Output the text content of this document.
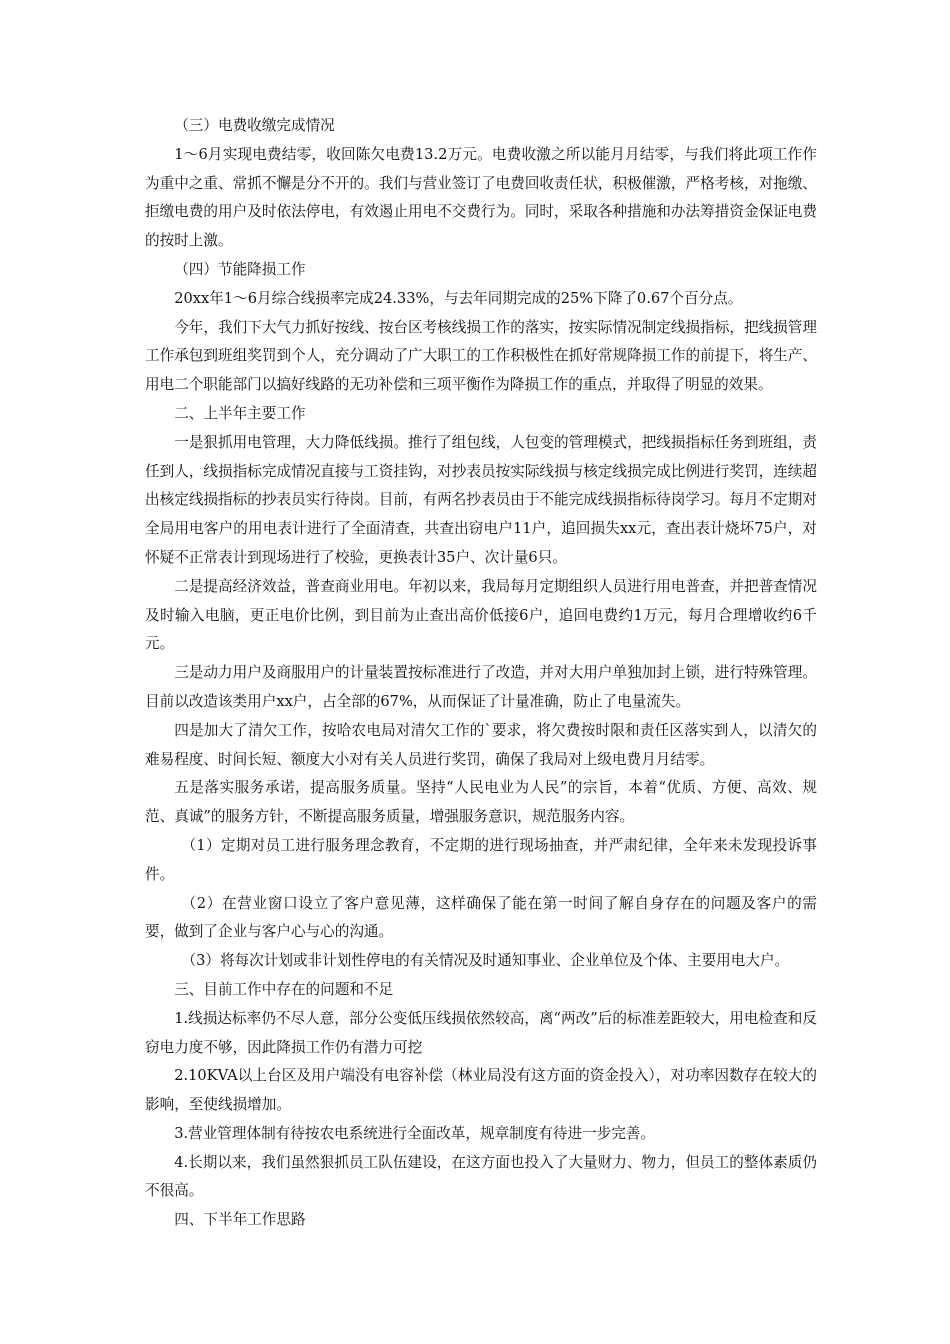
（三）电费收缴完成情况

1～6月实现电费结零，收回陈欠电费13.2万元。电费收激之所以能月月结零，与我们将此项工作作为重中之重、常抓不懈是分不开的。我们与营业签订了电费回收责任状，积极催激，严格考核，对拖缴、拒缴电费的用户及时依法停电，有效遏止用电不交费行为。同时，采取各种措施和办法筹措资金保证电费的按时上激。

（四）节能降损工作

20xx年1～6月综合线损率完成24.33%，与去年同期完成的25%下降了0.67个百分点。

今年，我们下大气力抓好按线、按台区考核线损工作的落实，按实际情况制定线损指标，把线损管理工作承包到班组奖罚到个人，充分调动了广大职工的工作积极性在抓好常规降损工作的前提下，将生产、用电二个职能部门以搞好线路的无功补偿和三项平衡作为降损工作的重点，并取得了明显的效果。

二、上半年主要工作

一是狠抓用电管理，大力降低线损。推行了组包线，人包变的管理模式，把线损指标任务到班组，责任到人，线损指标完成情况直接与工资挂钩，对抄表员按实际线损与核定线损完成比例进行奖罚，连续超出核定线损指标的抄表员实行待岗。目前，有两名抄表员由于不能完成线损指标待岗学习。每月不定期对全局用电客户的用电表计进行了全面清查，共查出窃电户11户，追回损失xx元，查出表计烧坏75户，对怀疑不正常表计到现场进行了校验，更换表计35户、次计量6只。

二是提高经济效益，普查商业用电。年初以来，我局每月定期组织人员进行用电普查，并把普查情况及时输入电脑，更正电价比例，到目前为止查出高价低接6户，追回电费约1万元，每月合理增收约6千元。

三是动力用户及商服用户的计量装置按标准进行了改造，并对大用户单独加封上锁，进行特殊管理。目前以改造该类用户xx户，占全部的67%，从而保证了计量准确，防止了电量流失。

四是加大了清欠工作，按哈农电局对清欠工作的`要求，将欠费按时限和责任区落实到人，以清欠的难易程度、时间长短、额度大小对有关人员进行奖罚，确保了我局对上级电费月月结零。

五是落实服务承诺，提高服务质量。坚持“人民电业为人民”的宗旨，本着“优质、方便、高效、规范、真诚”的服务方针，不断提高服务质量，增强服务意识，规范服务内容。

（1）定期对员工进行服务理念教育，不定期的进行现场抽查，并严肃纪律，全年来未发现投诉事件。

（2）在营业窗口设立了客户意见薄，这样确保了能在第一时间了解自身存在的问题及客户的需要，做到了企业与客户心与心的沟通。

（3）将每次计划或非计划性停电的有关情况及时通知事业、企业单位及个体、主要用电大户。

三、目前工作中存在的问题和不足

1.线损达标率仍不尽人意，部分公变低压线损依然较高，离“两改”后的标准差距较大，用电检查和反窃电力度不够，因此降损工作仍有潜力可挖

2.10KVA以上台区及用户端没有电容补偿（林业局没有这方面的资金投入），对功率因数存在较大的影响，至使线损增加。

3.营业管理体制有待按农电系统进行全面改革，规章制度有待进一步完善。

4.长期以来，我们虽然狠抓员工队伍建设，在这方面也投入了大量财力、物力，但员工的整体素质仍不很高。

四、下半年工作思路
